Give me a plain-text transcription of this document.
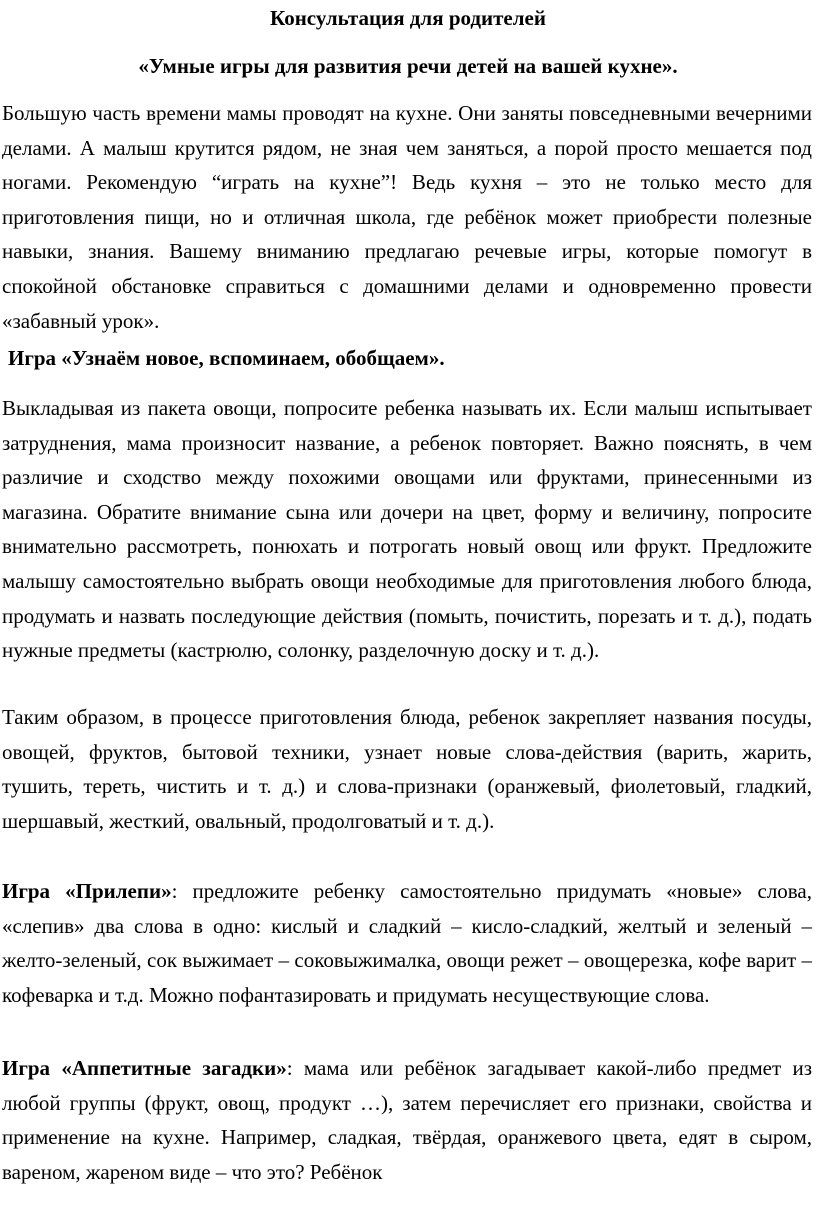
Консультация для родителей
«Умные игры для развития речи детей на вашей кухне».

Большую часть времени мамы проводят на кухне. Они заняты повседневными вечерними делами. А малыш крутится рядом, не зная чем заняться, а порой просто мешается под ногами. Рекомендую “играть на кухне”! Ведь кухня – это не только место для приготовления пищи, но и отличная школа, где ребёнок может приобрести полезные навыки, знания. Вашему вниманию предлагаю речевые игры, которые помогут в спокойной обстановке справиться с домашними делами и одновременно провести «забавный урок».

Игра «Узнаём новое, вспоминаем, обобщаем».

Выкладывая из пакета овощи, попросите ребенка называть их. Если малыш испытывает затруднения, мама произносит название, а ребенок повторяет. Важно пояснять, в чем различие и сходство между похожими овощами или фруктами, принесенными из магазина. Обратите внимание сына или дочери на цвет, форму и величину, попросите внимательно рассмотреть, понюхать и потрогать новый овощ или фрукт. Предложите малышу самостоятельно выбрать овощи необходимые для приготовления любого блюда, продумать и назвать последующие действия (помыть, почистить, порезать и т. д.), подать нужные предметы (кастрюлю, солонку, разделочную доску и т. д.).

Таким образом, в процессе приготовления блюда, ребенок закрепляет названия посуды, овощей, фруктов, бытовой техники, узнает новые слова-действия (варить, жарить, тушить, тереть, чистить и т. д.) и слова-признаки (оранжевый, фиолетовый, гладкий, шершавый, жесткий, овальный, продолговатый и т. д.).

Игра «Прилепи»: предложите ребенку самостоятельно придумать «новые» слова, «слепив» два слова в одно: кислый и сладкий – кисло-сладкий, желтый и зеленый – желто-зеленый, сок выжимает – соковыжималка, овощи режет – овощерезка, кофе варит – кофеварка и т.д. Можно пофантазировать и придумать несуществующие слова.

Игра «Аппетитные загадки»: мама или ребёнок загадывает какой-либо предмет из любой группы (фрукт, овощ, продукт …), затем перечисляет его признаки, свойства и применение на кухне. Например, сладкая, твёрдая, оранжевого цвета, едят в сыром, вареном, жареном виде – что это? Ребёнок
